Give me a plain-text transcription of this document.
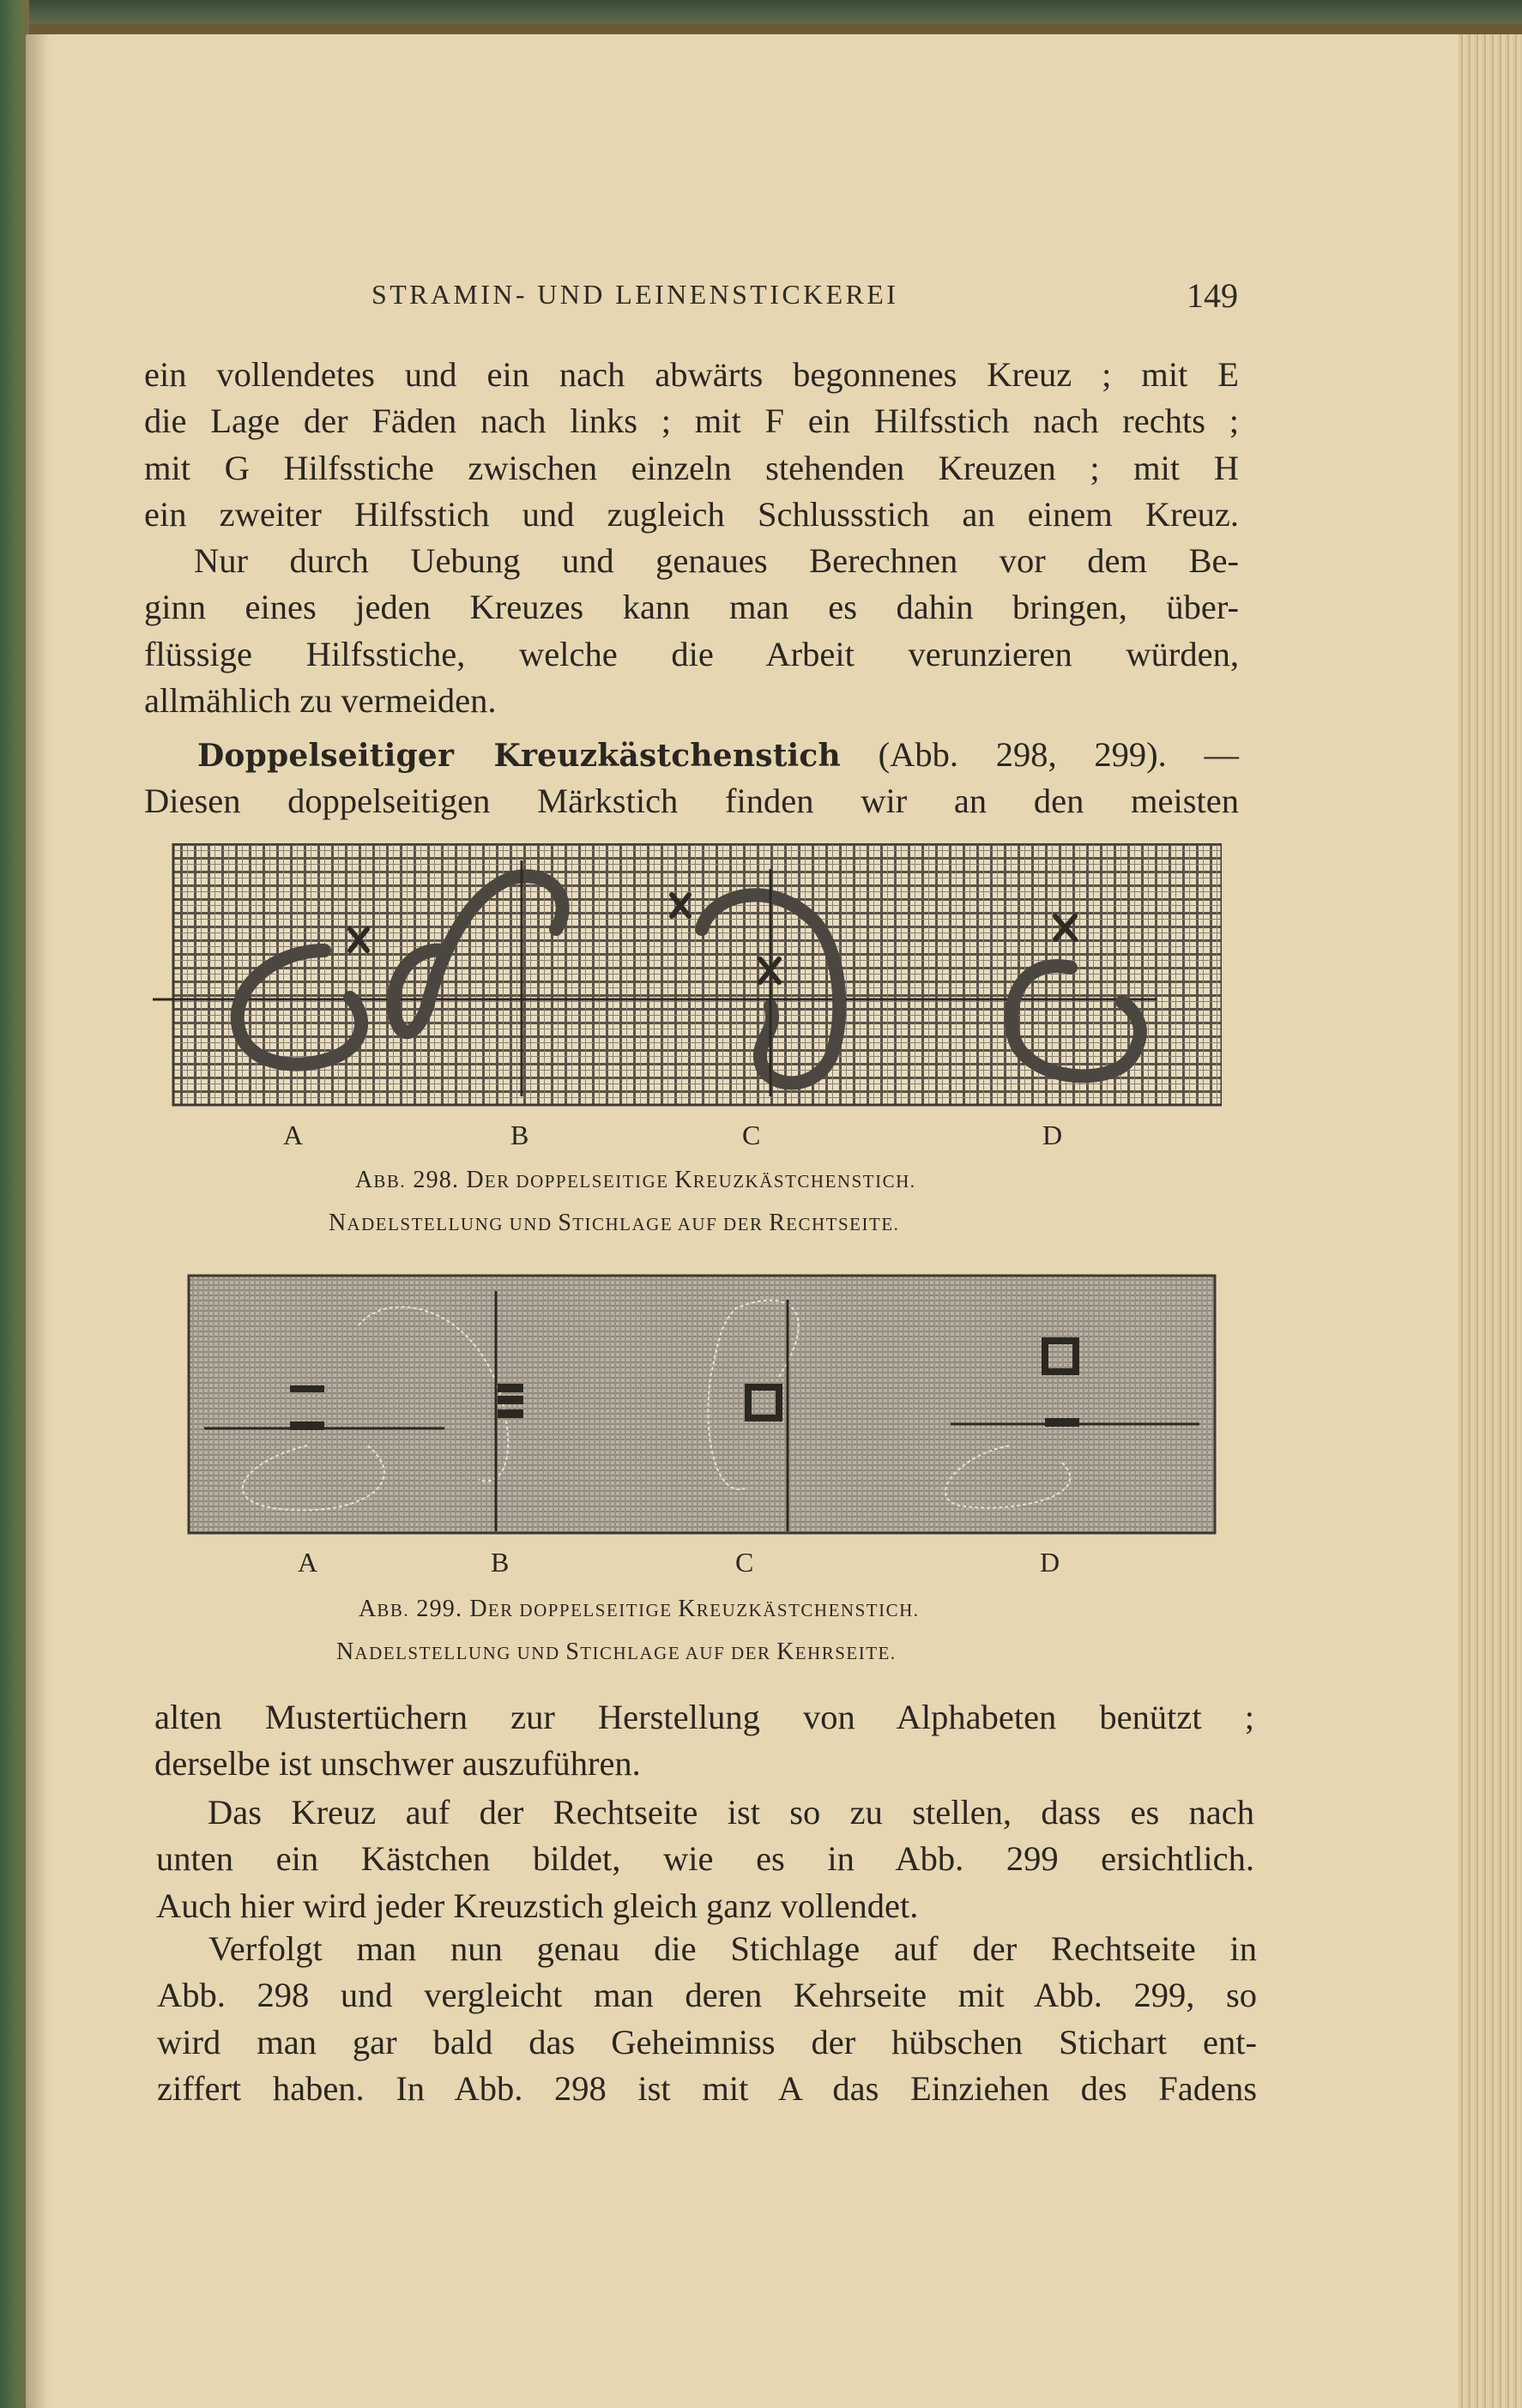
STRAMIN- UND LEINENSTICKEREI	149
ein vollendetes und ein nach abwärts begonnenes Kreuz ; mit E
die Lage der Fäden nach links ; mit F ein Hilfsstich nach rechts ;
mit G Hilfsstiche zwischen einzeln stehenden Kreuzen ; mit H
ein zweiter Hilfsstich und zugleich Schlussstich an einem Kreuz.
Nur durch Uebung und genaues Berechnen vor dem Be-
ginn eines jeden Kreuzes kann man es dahin bringen, über-
flüssige Hilfsstiche, welche die Arbeit verunzieren würden,
allmählich zu vermeiden.
Doppelseitiger Kreuzkästchenstich (Abb. 298, 299). —
Diesen doppelseitigen Märkstich finden wir an den meisten
A	B	C	D
ABB. 298. DER DOPPELSEITIGE KREUZKÄSTCHENSTICH.
NADELSTELLUNG UND STICHLAGE AUF DER RECHTSEITE.
A	B	C	D
ABB. 299. DER DOPPELSEITIGE KREUZKÄSTCHENSTICH.
NADELSTELLUNG UND STICHLAGE AUF DER KEHRSEITE.
alten Mustertüchern zur Herstellung von Alphabeten benützt ;
derselbe ist unschwer auszuführen.
Das Kreuz auf der Rechtseite ist so zu stellen, dass es nach
unten ein Kästchen bildet, wie es in Abb. 299 ersichtlich.
Auch hier wird jeder Kreuzstich gleich ganz vollendet.
Verfolgt man nun genau die Stichlage auf der Rechtseite in
Abb. 298 und vergleicht man deren Kehrseite mit Abb. 299, so
wird man gar bald das Geheimniss der hübschen Stichart ent-
ziffert haben. In Abb. 298 ist mit A das Einziehen des Fadens
